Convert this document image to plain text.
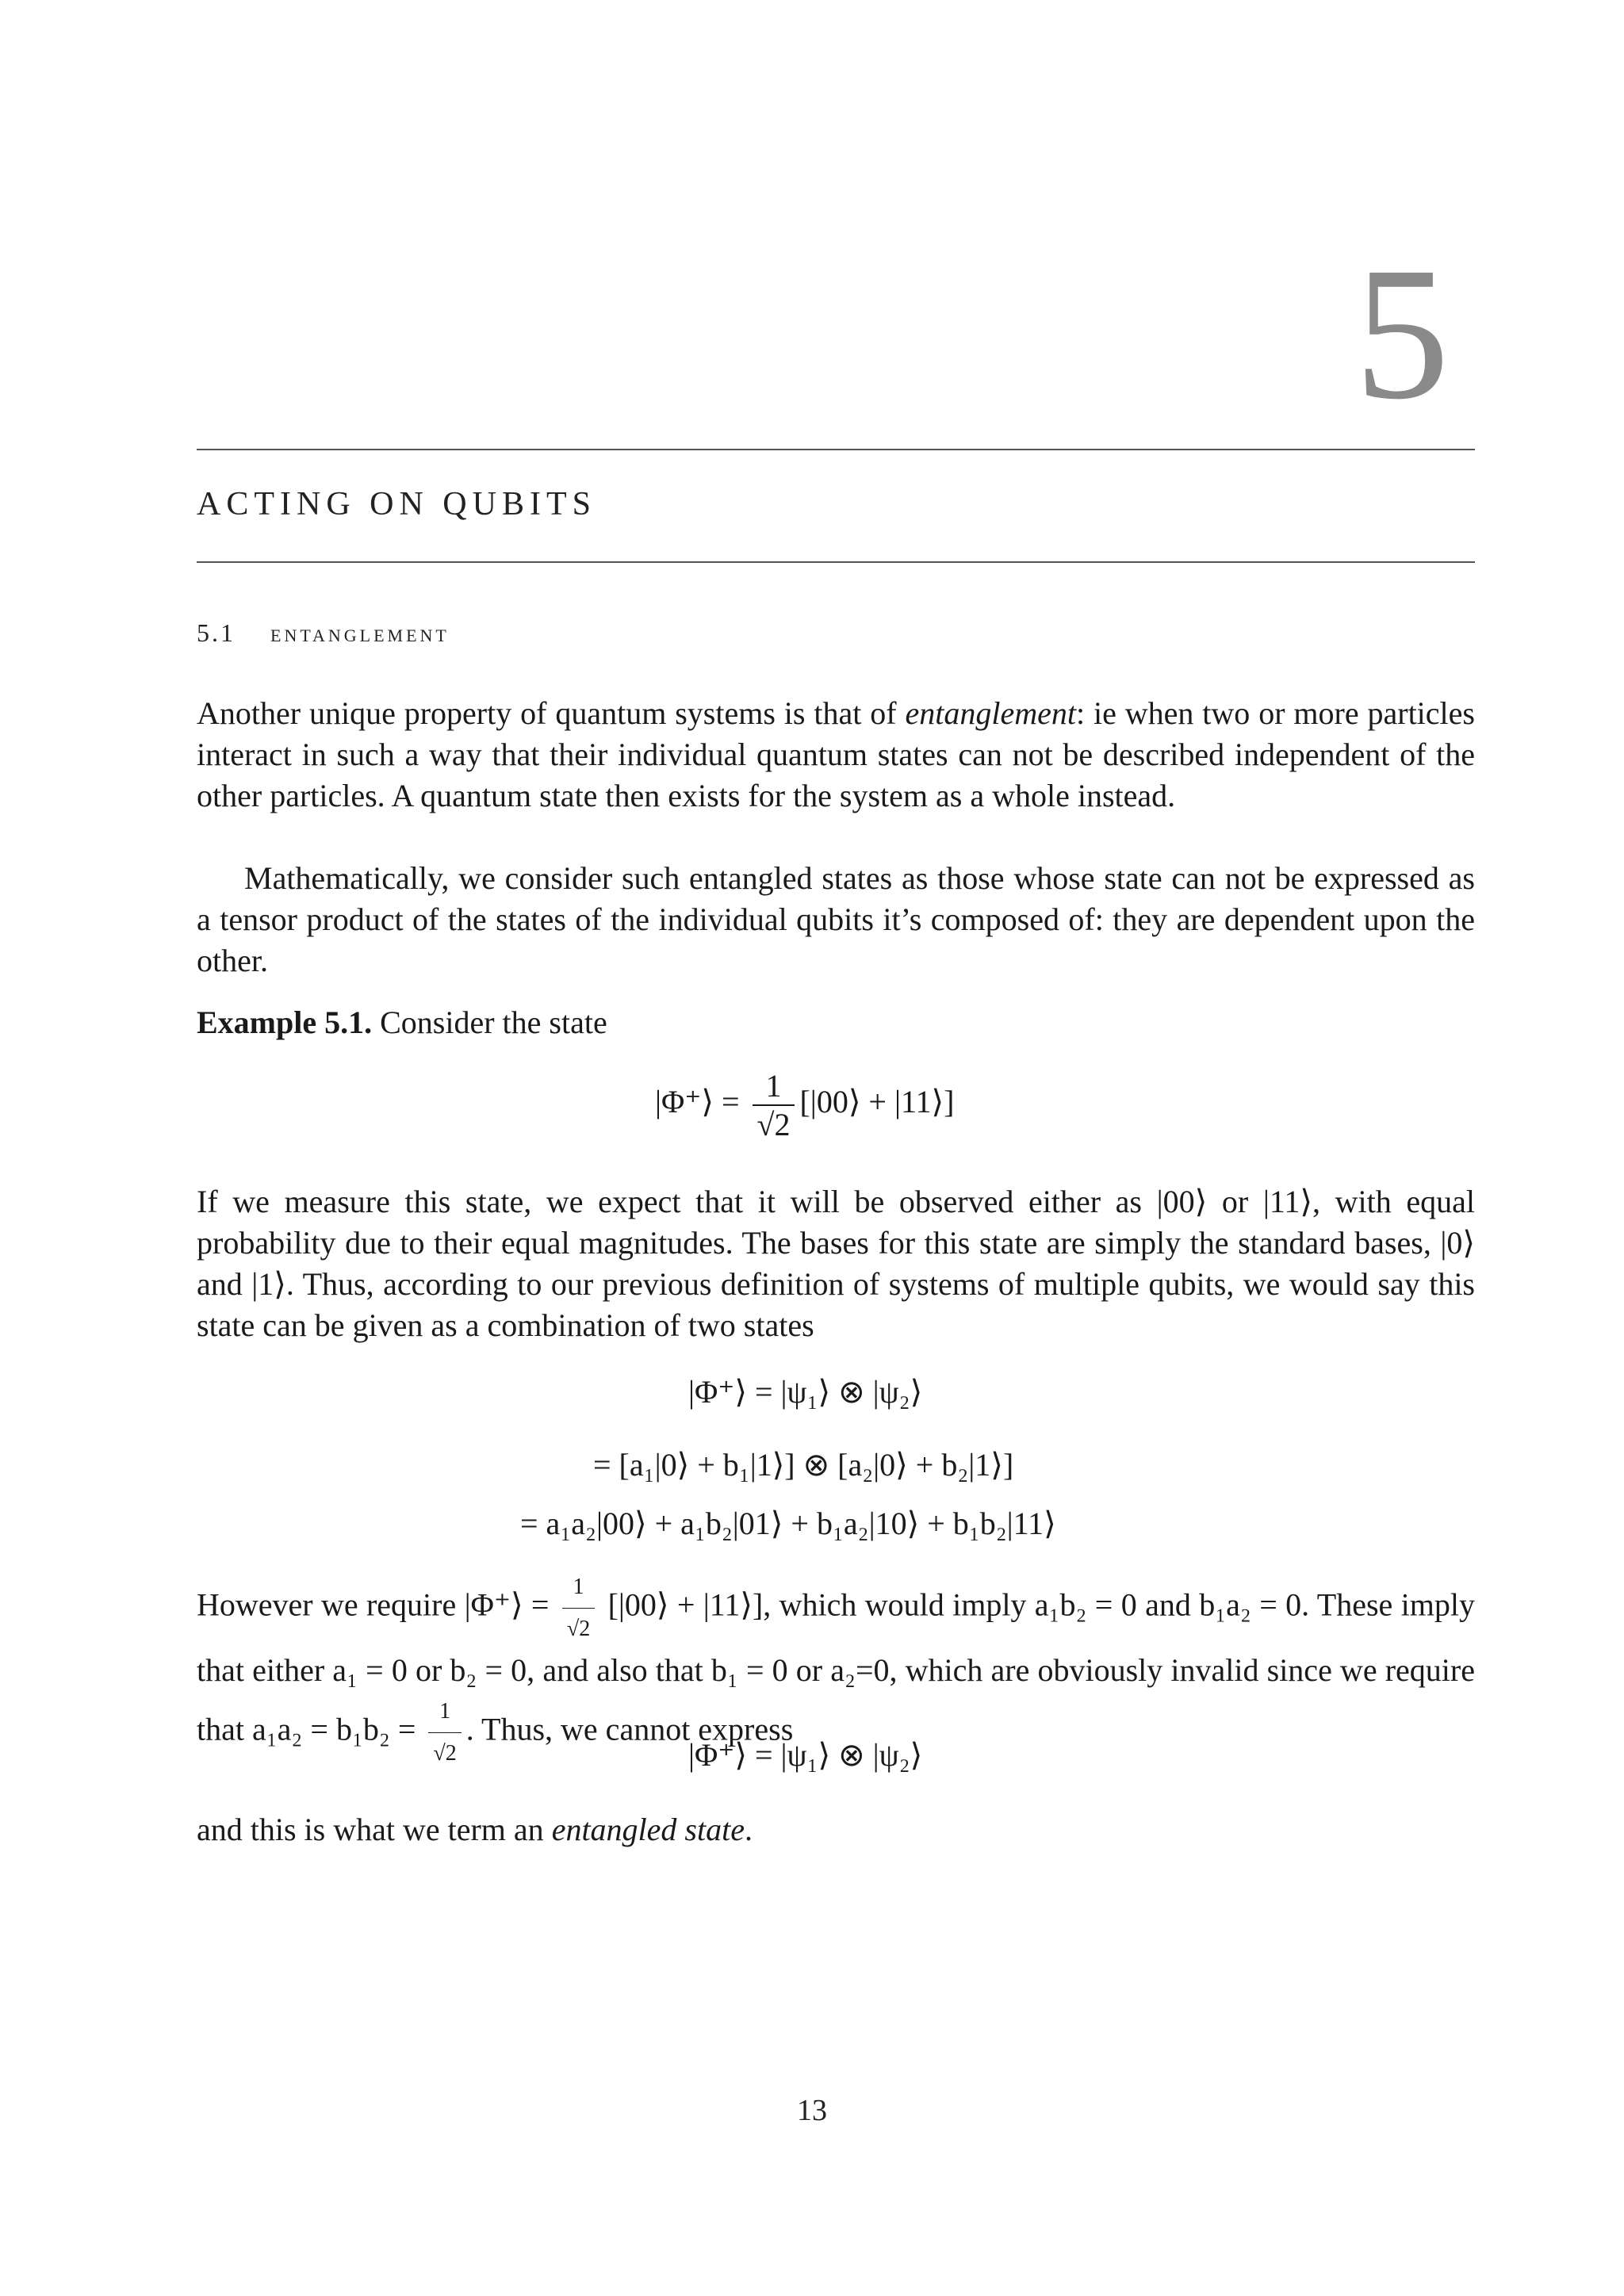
5
ACTING ON QUBITS
5.1 entanglement
Another unique property of quantum systems is that of entanglement: ie when two or more particles interact in such a way that their individual quantum states can not be described independent of the other particles. A quantum state then exists for the system as a whole instead.
Mathematically, we consider such entangled states as those whose state can not be expressed as a tensor product of the states of the individual qubits it’s composed of: they are dependent upon the other.
Example 5.1. Consider the state
|Φ⁺⟩ = $\frac{1}{√2}$ [|00⟩ + |11⟩]
If we measure this state, we expect that it will be observed either as |00⟩ or |11⟩, with equal probability due to their equal magnitudes. The bases for this state are simply the standard bases, |0⟩ and |1⟩. Thus, according to our previous definition of systems of multiple qubits, we would say this state can be given as a combination of two states
|Φ⁺⟩ = |ψ₁⟩ ⊗ |ψ₂⟩
= [a₁|0⟩ + b₁|1⟩] ⊗ [a₂|0⟩ + b₂|1⟩]
= a₁a₂|00⟩ + a₁b₂|01⟩ + b₁a₂|10⟩ + b₁b₂|11⟩
However we require |Φ⁺⟩ = $\frac{1}{√2}$ [|00⟩ + |11⟩], which would imply a₁b₂ = 0 and b₁a₂ = 0. These imply that either a₁ = 0 or b₂ = 0, and also that b₁ = 0 or a₂=0, which are obviously invalid since we require that $a_1a_2 = b_1b_2 = \frac{1}{√2}$ . Thus, we cannot express
|Φ⁺⟩ = |ψ₁⟩ ⊗ |ψ₂⟩
and this is what we term an entangled state.
13
